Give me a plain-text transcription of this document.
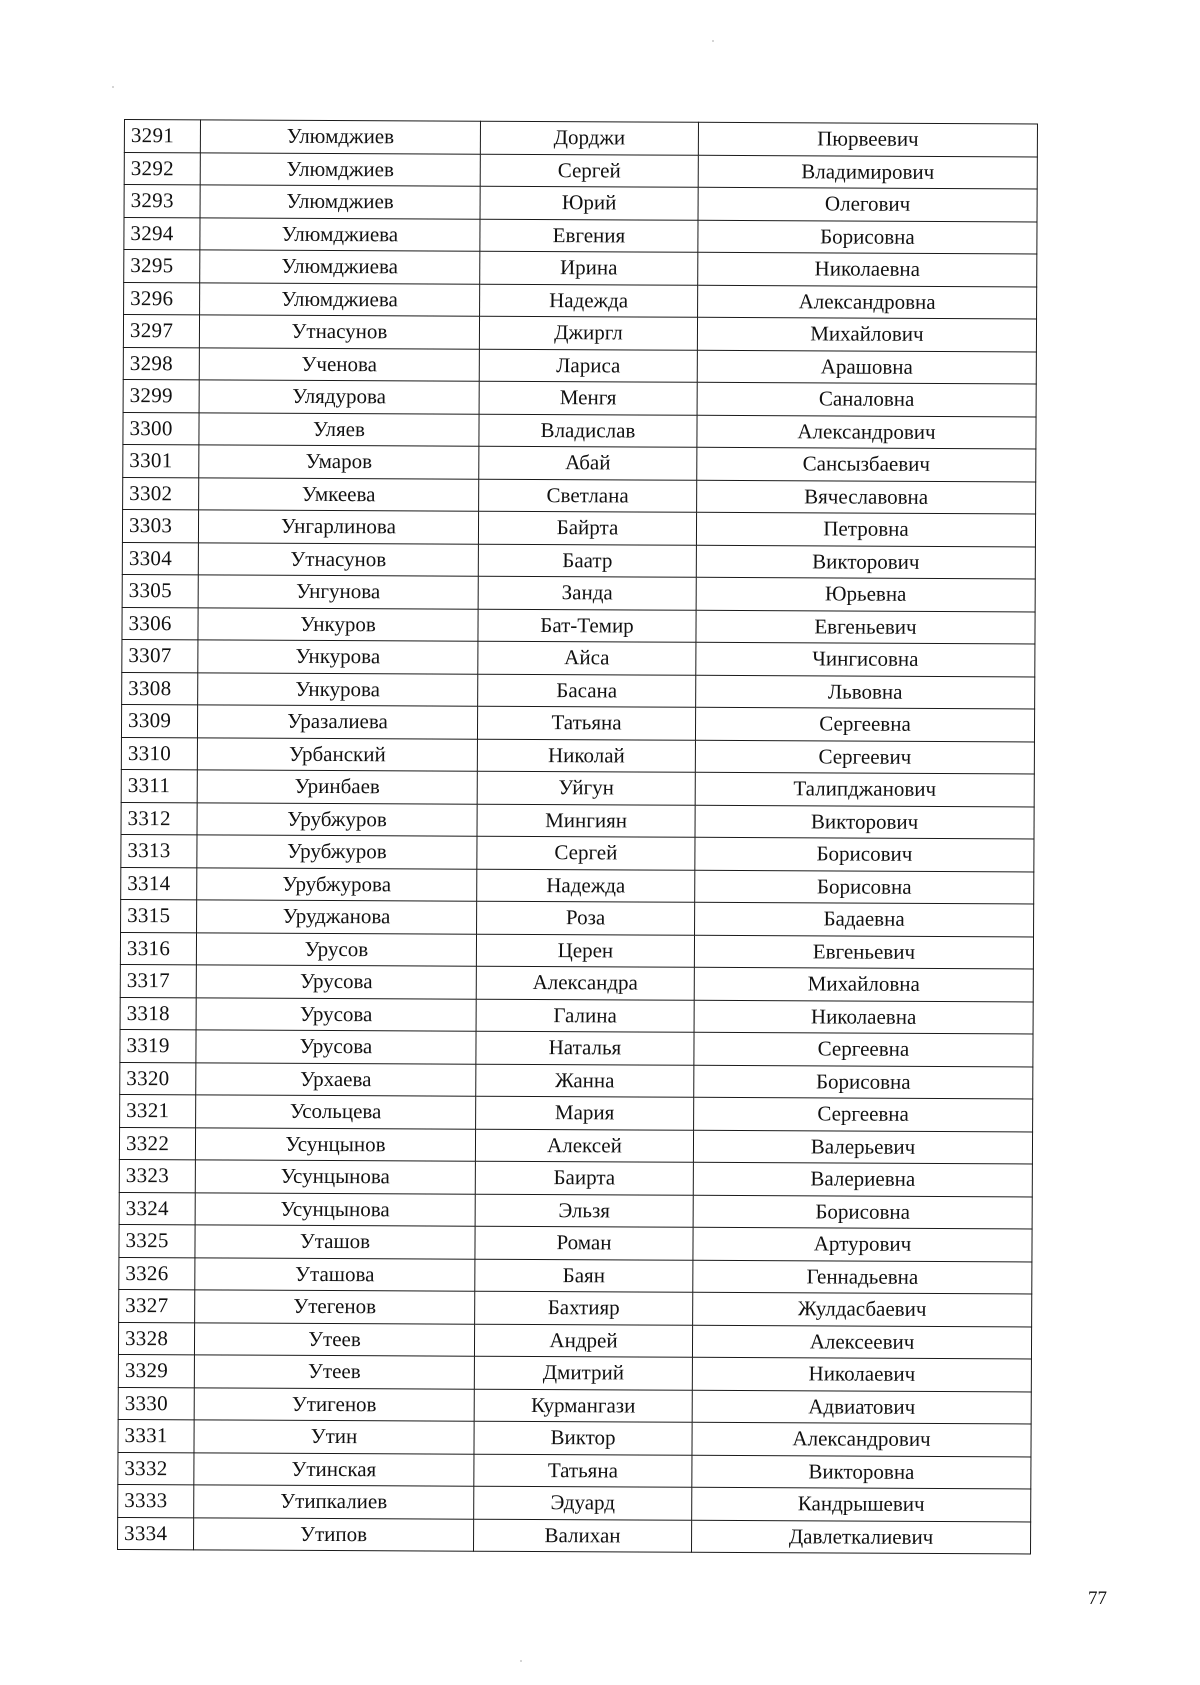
3291	Улюмджиев	Дорджи	Пюрвеевич
3292	Улюмджиев	Сергей	Владимирович
3293	Улюмджиев	Юрий	Олегович
3294	Улюмджиева	Евгения	Борисовна
3295	Улюмджиева	Ирина	Николаевна
3296	Улюмджиева	Надежда	Александровна
3297	Утнасунов	Джиргл	Михайлович
3298	Ученова	Лариса	Арашовна
3299	Улядурова	Менгя	Саналовна
3300	Уляев	Владислав	Александрович
3301	Умаров	Абай	Сансызбаевич
3302	Умкеева	Светлана	Вячеславовна
3303	Унгарлинова	Байрта	Петровна
3304	Утнасунов	Баатр	Викторович
3305	Унгунова	Занда	Юрьевна
3306	Ункуров	Бат-Темир	Евгеньевич
3307	Ункурова	Айса	Чингисовна
3308	Ункурова	Басана	Львовна
3309	Уразалиева	Татьяна	Сергеевна
3310	Урбанский	Николай	Сергеевич
3311	Уринбаев	Уйгун	Талипджанович
3312	Урубжуров	Мингиян	Викторович
3313	Урубжуров	Сергей	Борисович
3314	Урубжурова	Надежда	Борисовна
3315	Уруджанова	Роза	Бадаевна
3316	Урусов	Церен	Евгеньевич
3317	Урусова	Александра	Михайловна
3318	Урусова	Галина	Николаевна
3319	Урусова	Наталья	Сергеевна
3320	Урхаева	Жанна	Борисовна
3321	Усольцева	Мария	Сергеевна
3322	Усунцынов	Алексей	Валерьевич
3323	Усунцынова	Баирта	Валериевна
3324	Усунцынова	Эльзя	Борисовна
3325	Уташов	Роман	Артурович
3326	Уташова	Баян	Геннадьевна
3327	Утегенов	Бахтияр	Жулдасбаевич
3328	Утеев	Андрей	Алексеевич
3329	Утеев	Дмитрий	Николаевич
3330	Утигенов	Курмангази	Адвиатович
3331	Утин	Виктор	Александрович
3332	Утинская	Татьяна	Викторовна
3333	Утипкалиев	Эдуард	Кандрышевич
3334	Утипов	Валихан	Давлеткалиевич
77
